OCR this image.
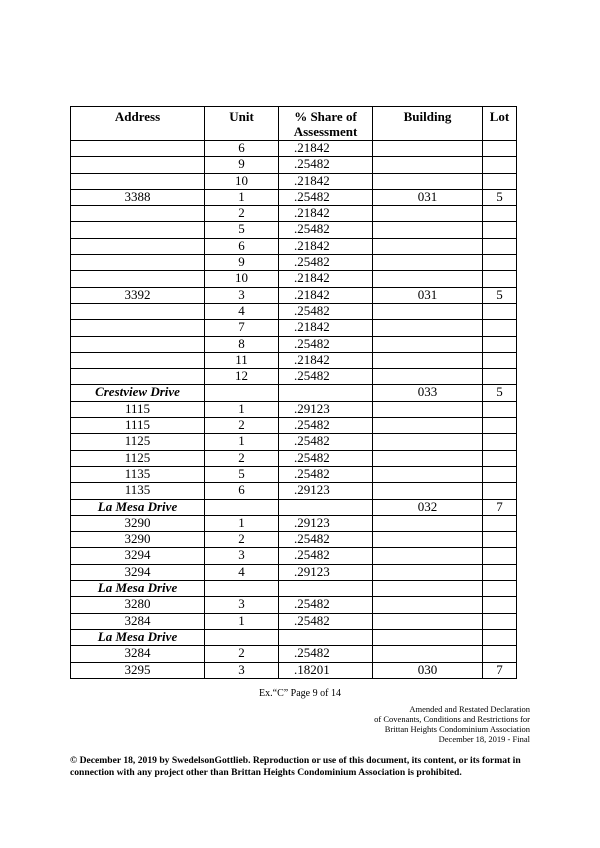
Address	Unit	% Share of Assessment	Building	Lot
	6	.21842		
	9	.25482		
	10	.21842		
3388	1	.25482	031	5
	2	.21842		
	5	.25482		
	6	.21842		
	9	.25482		
	10	.21842		
3392	3	.21842	031	5
	4	.25482		
	7	.21842		
	8	.25482		
	11	.21842		
	12	.25482		
Crestview Drive			033	5
1115	1	.29123		
1115	2	.25482		
1125	1	.25482		
1125	2	.25482		
1135	5	.25482		
1135	6	.29123		
La Mesa Drive			032	7
3290	1	.29123		
3290	2	.25482		
3294	3	.25482		
3294	4	.29123		
La Mesa Drive				
3280	3	.25482		
3284	1	.25482		
La Mesa Drive				
3284	2	.25482		
3295	3	.18201	030	7
Ex.“C” Page 9 of 14
Amended and Restated Declaration
of Covenants, Conditions and Restrictions for
Brittan Heights Condominium Association
December 18, 2019 - Final
© December 18, 2019 by SwedelsonGottlieb. Reproduction or use of this document, its content, or its format in connection with any project other than Brittan Heights Condominium Association is prohibited.
